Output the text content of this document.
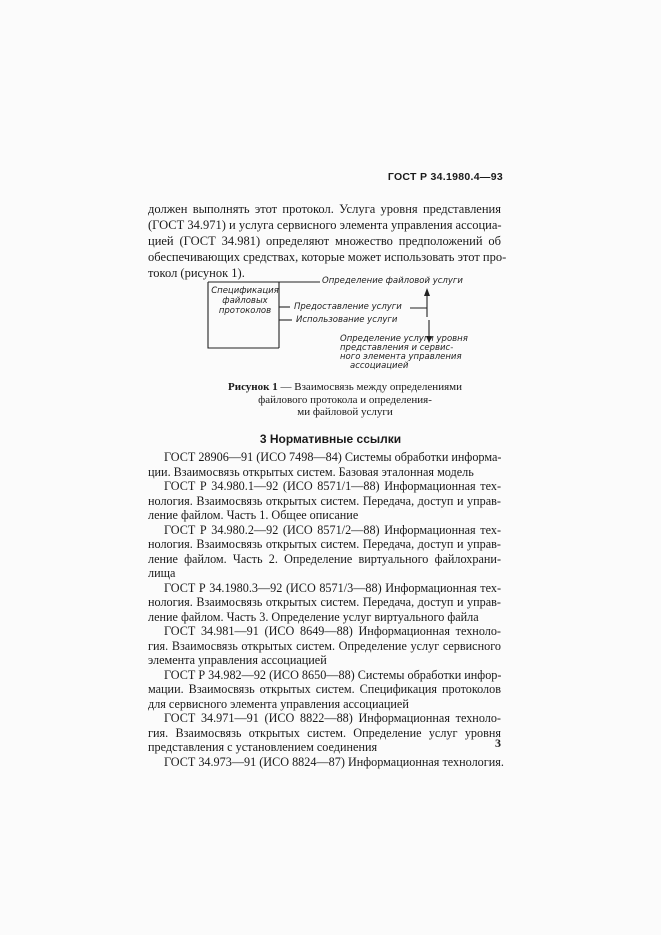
ГОСТ Р 34.1980.4—93
должен выполнять этот протокол. Услуга уровня представления
(ГОСТ 34.971) и услуга сервисного элемента управления ассоциа-
цией (ГОСТ 34.981) определяют множество предположений об
обеспечивающих средствах, которые может использовать этот про-
токол (рисунок 1).
Спецификация
файловых
протоколов
Определение файловой услуги
Предоставление услуги
Использование услуги
Определение услуги уровня
представления и сервис-
ного элемента управления
ассоциацией
Рисунок 1 — Взаимосвязь между определениями
файлового протокола и определения-
ми файловой услуги
3 Нормативные ссылки
ГОСТ 28906—91 (ИСО 7498—84) Системы обработки информа-
ции. Взаимосвязь открытых систем. Базовая эталонная модель
ГОСТ Р 34.980.1—92 (ИСО 8571/1—88) Информационная тех-
нология. Взаимосвязь открытых систем. Передача, доступ и управ-
ление файлом. Часть 1. Общее описание
ГОСТ Р 34.980.2—92 (ИСО 8571/2—88) Информационная тех-
нология. Взаимосвязь открытых систем. Передача, доступ и управ-
ление файлом. Часть 2. Определение виртуального файлохрани-
лища
ГОСТ Р 34.1980.3—92 (ИСО 8571/3—88) Информационная тех-
нология. Взаимосвязь открытых систем. Передача, доступ и управ-
ление файлом. Часть 3. Определение услуг виртуального файла
ГОСТ 34.981—91 (ИСО 8649—88) Информационная техноло-
гия. Взаимосвязь открытых систем. Определение услуг сервисного
элемента управления ассоциацией
ГОСТ Р 34.982—92 (ИСО 8650—88) Системы обработки инфор-
мации. Взаимосвязь открытых систем. Спецификация протоколов
для сервисного элемента управления ассоциацией
ГОСТ 34.971—91 (ИСО 8822—88) Информационная техноло-
гия. Взаимосвязь открытых систем. Определение услуг уровня
представления с установлением соединения
ГОСТ 34.973—91 (ИСО 8824—87) Информационная технология.
3
